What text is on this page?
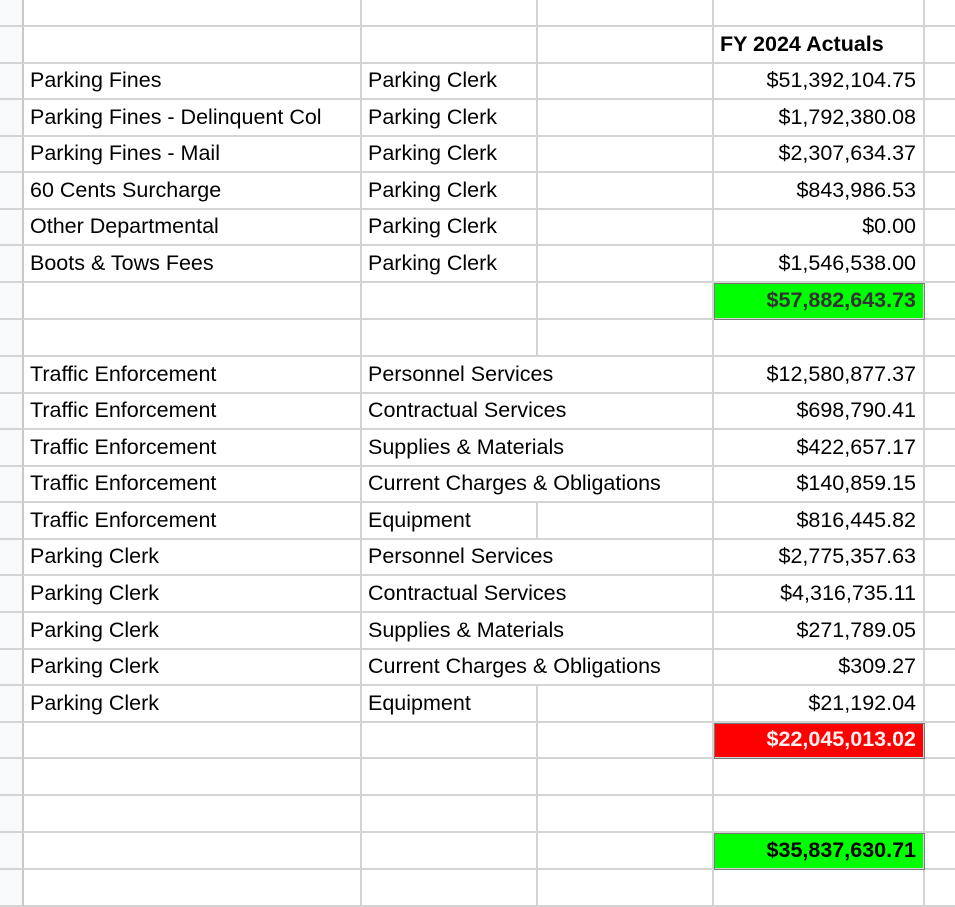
FY 2024 Actuals
Parking Fines	Parking Clerk	$51,392,104.75
Parking Fines - Delinquent Col	Parking Clerk	$1,792,380.08
Parking Fines - Mail	Parking Clerk	$2,307,634.37
60 Cents Surcharge	Parking Clerk	$843,986.53
Other Departmental	Parking Clerk	$0.00
Boots & Tows Fees	Parking Clerk	$1,546,538.00
$57,882,643.73
Traffic Enforcement	Personnel Services	$12,580,877.37
Traffic Enforcement	Contractual Services	$698,790.41
Traffic Enforcement	Supplies & Materials	$422,657.17
Traffic Enforcement	Current Charges & Obligations	$140,859.15
Traffic Enforcement	Equipment	$816,445.82
Parking Clerk	Personnel Services	$2,775,357.63
Parking Clerk	Contractual Services	$4,316,735.11
Parking Clerk	Supplies & Materials	$271,789.05
Parking Clerk	Current Charges & Obligations	$309.27
Parking Clerk	Equipment	$21,192.04
$22,045,013.02
$35,837,630.71
